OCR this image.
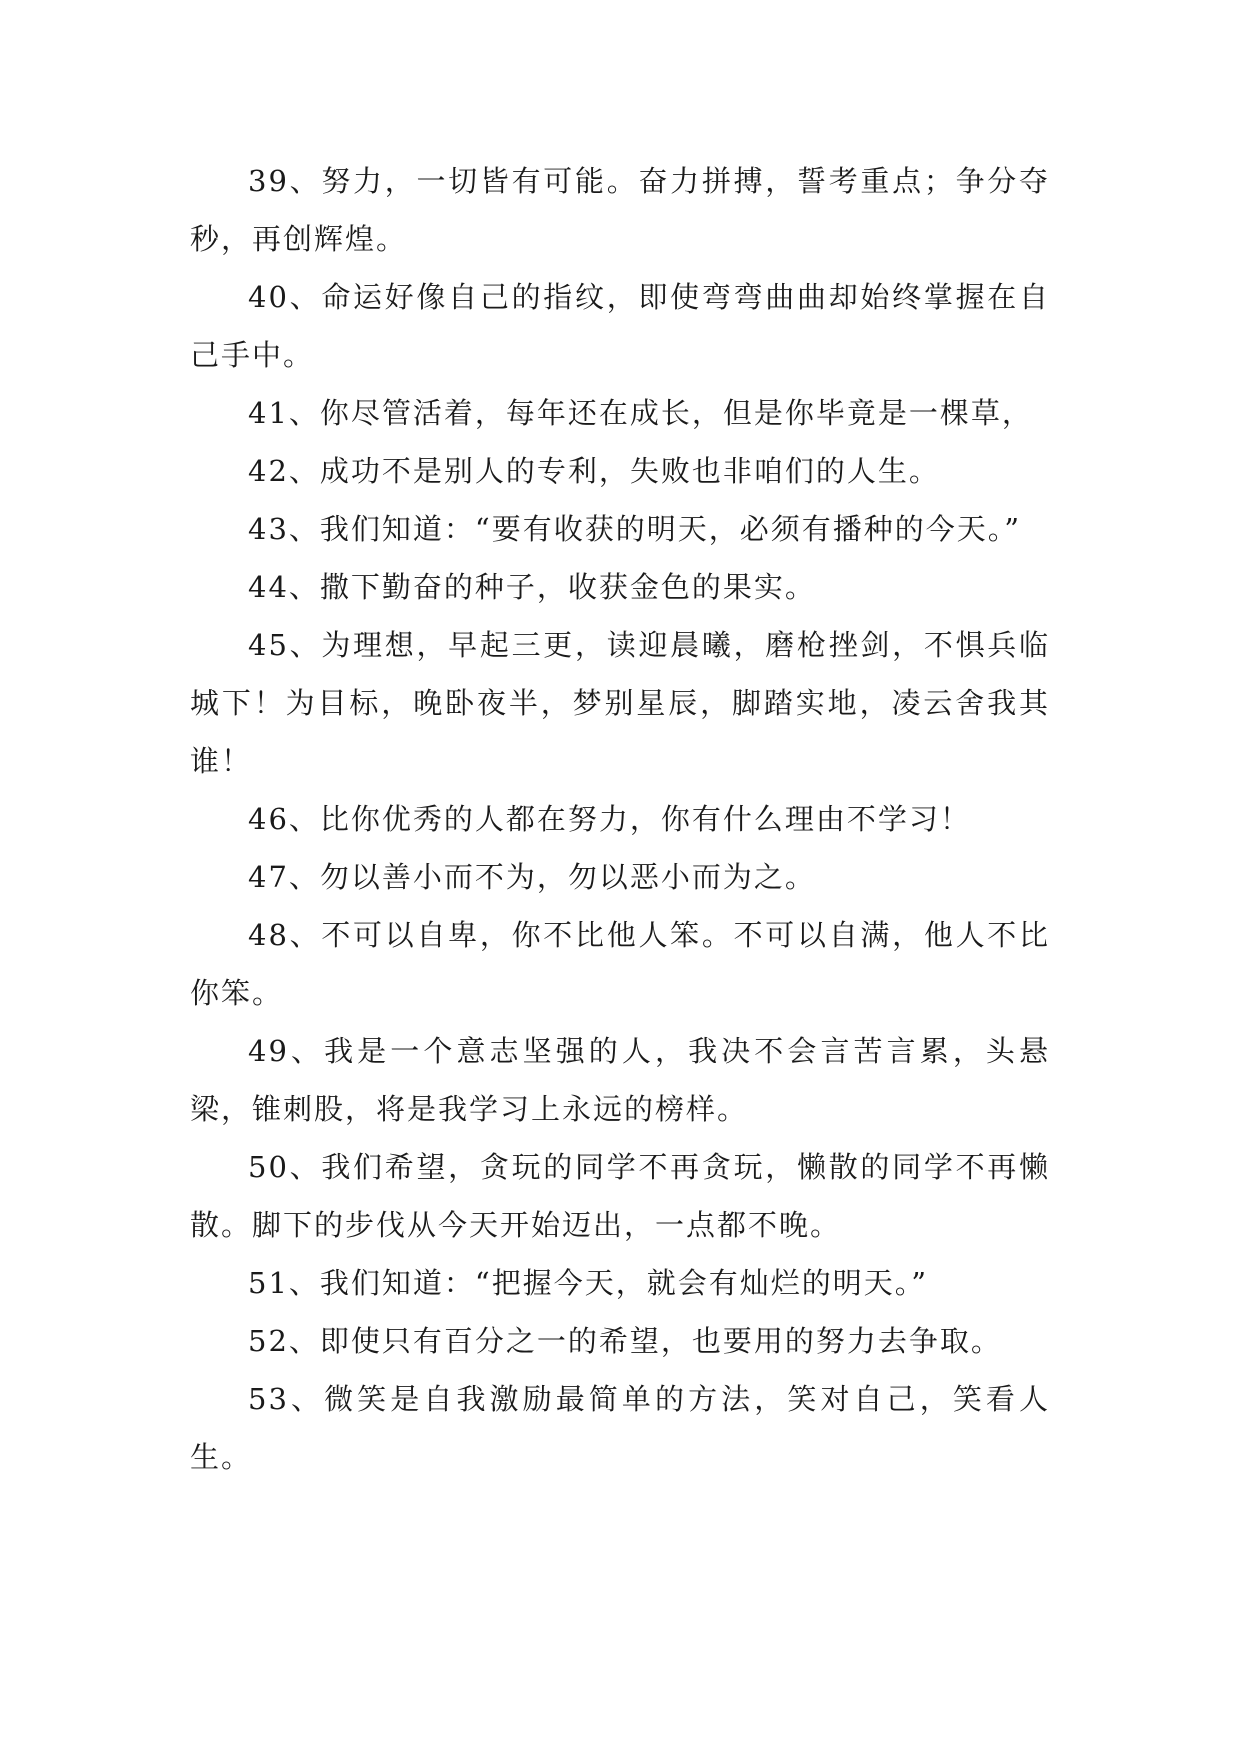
39、努力，一切皆有可能。奋力拼搏，誓考重点；争分夺秒，再创辉煌。

40、命运好像自己的指纹，即使弯弯曲曲却始终掌握在自己手中。

41、你尽管活着，每年还在成长，但是你毕竟是一棵草，

42、成功不是别人的专利，失败也非咱们的人生。

43、我们知道：“要有收获的明天，必须有播种的今天。”

44、撒下勤奋的种子，收获金色的果实。

45、为理想，早起三更，读迎晨曦，磨枪挫剑，不惧兵临城下！为目标，晚卧夜半，梦别星辰，脚踏实地，凌云舍我其谁！

46、比你优秀的人都在努力，你有什么理由不学习！

47、勿以善小而不为，勿以恶小而为之。

48、不可以自卑，你不比他人笨。不可以自满，他人不比你笨。

49、我是一个意志坚强的人，我决不会言苦言累，头悬梁，锥刺股，将是我学习上永远的榜样。

50、我们希望，贪玩的同学不再贪玩，懒散的同学不再懒散。脚下的步伐从今天开始迈出，一点都不晚。

51、我们知道：“把握今天，就会有灿烂的明天。”

52、即使只有百分之一的希望，也要用的努力去争取。

53、微笑是自我激励最简单的方法，笑对自己，笑看人生。
